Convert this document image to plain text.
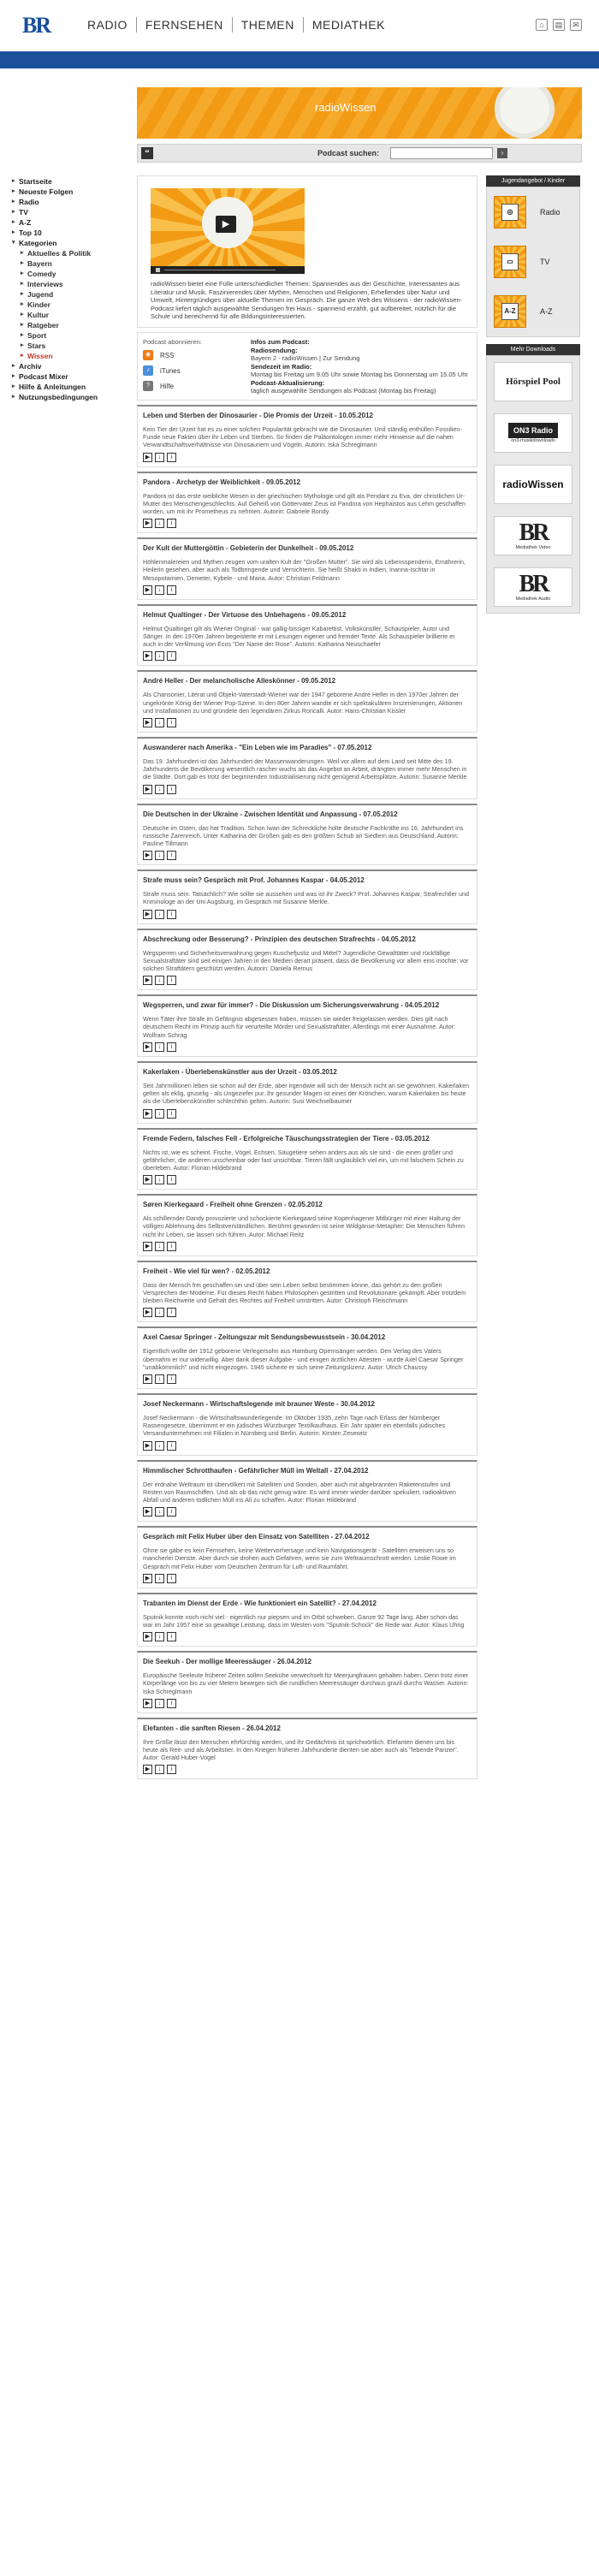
BR	RADIO	FERNSEHEN	THEMEN	MEDIATHEK	⌂	▤	✉
radioWissen
“	Podcast suchen:	›
▸ Startseite
▸ Neueste Folgen
▸ Radio
▸ TV
▸ A-Z
▸ Top 10
▾ Kategorien
▸ Aktuelles & Politik
▸ Bayern
▸ Comedy
▸ Interviews
▸ Jugend
▸ Kinder
▸ Kultur
▸ Ratgeber
▸ Sport
▸ Stars
▸ Wissen
▸ Archiv
▸ Podcast Mixer
▸ Hilfe & Anleitungen
▸ Nutzungsbedingungen
▶
radioWissen bietet eine Fülle unterschiedlicher Themen: Spannendes aus der Geschichte, Interessantes aus Literatur und Musik, Faszinierendes über Mythen, Menschen und Religionen, Erhellendes über Natur und Umwelt, Hintergründiges über aktuelle Themen im Gespräch. Die ganze Welt des Wissens - der radioWissen-Podcast liefert täglich ausgewählte Sendungen frei Haus - spannend erzählt, gut aufbereitet, nützlich für die Schule und bereichernd für alle Bildungsinteressierten.
Podcast abonnieren:
◉	RSS
♪	iTunes
?	Hilfe
Infos zum Podcast:
Radiosendung:
Bayern 2 - radioWissen | Zur Sendung
Sendezeit im Radio:
Montag bis Freitag um 9.05 Uhr sowie Montag bis Donnerstag um 15.05 Uhr
Podcast-Aktualisierung:
täglich ausgewählte Sendungen als Podcast (Montag bis Freitag)
Leben und Sterben der Dinosaurier - Die Promis der Urzeit - 10.05.2012
Kein Tier der Urzeit hat es zu einer solchen Popularität gebracht wie die Dinosaurier. Und ständig enthüllen Fossilien-Funde neue Fakten über ihr Leben und Sterben. So finden die Paläontologen immer mehr Hinweise auf die nahen Verwandtschaftsverhältnisse von Dinosauriern und Vögeln. Autorin: Iska Schreglmann
▶	↓	i
Pandora - Archetyp der Weiblichkeit - 09.05.2012
Pandora ist das erste weibliche Wesen in der griechischen Mythologie und gilt als Pendant zu Eva, der christlichen Ur-Mutter des Menschengeschlechts. Auf Geheiß von Göttervater Zeus ist Pandora von Hephaistos aus Lehm geschaffen worden, um mit ihr Prometheus zu nehmen. Autorin: Gabriele Bondy
▶	↓	i
Der Kult der Muttergöttin - Gebieterin der Dunkelheit - 09.05.2012
Höhlenmalereien und Mythen zeugen vom uralten Kult der "Großen Mutter". Sie wird als Lebensspenderin, Ernährerin, Heilerin gesehen, aber auch als Todbringende und Vernichterin. Sie heißt Shakti in Indien, Inanna-Ischtar in Mesopotamien, Demeter, Kybele - und Maria. Autor: Christian Feldmann
▶	↓	i
Helmut Qualtinger - Der Virtuose des Unbehagens - 09.05.2012
Helmut Qualtinger gilt als Wiener Original - war gallig-bissiger Kabarettist, Volkskünstler, Schauspieler, Autor und Sänger. In den 1970er Jahren begeisterte er mit Lesungen eigener und fremder Texte. Als Schauspieler brillierte er auch in der Verfilmung von Ecos "Der Name der Rose". Autorin: Katharina Neuschaefer
▶	↓	i
André Heller - Der melancholische Alleskönner - 09.05.2012
Als Chansonier, Literat und Objekt-Vaterstadt-Wiener war der 1947 geborene André Heller in den 1970er Jahren der ungekrönte König der Wiener Pop-Szene. In den 80er Jahren wandte er sich spektakulären Inszenierungen, Aktionen und Installationen zu und gründete den legendären Zirkus Roncalli. Autor: Hans-Christian Kissler
▶	↓	i
Auswanderer nach Amerika - "Ein Leben wie im Paradies" - 07.05.2012
Das 19. Jahrhundert ist das Jahrhundert der Massenwanderungen. Weil vor allem auf dem Land seit Mitte des 19. Jahrhunderts die Bevölkerung wesentlich rascher wuchs als das Angebot an Arbeit, drängten immer mehr Menschen in die Städte. Dort gab es trotz der beginnenden Industrialisierung nicht genügend Arbeitsplätze. Autorin: Susanne Merkle
▶	↓	i
Die Deutschen in der Ukraine - Zwischen Identität und Anpassung - 07.05.2012
Deutsche im Osten, das hat Tradition. Schon Iwan der Schreckliche holte deutsche Fachkräfte ins 16. Jahrhundert ins russische Zarenreich. Unter Katharina der Großen gab es den größten Schub an Siedlern aus Deutschland. Autorin: Pauline Tillmann
▶	↓	i
Strafe muss sein? Gespräch mit Prof. Johannes Kaspar - 04.05.2012
Strafe muss sein. Tatsächlich? Wie sollte sie aussehen und was ist ihr Zweck? Prof. Johannes Kaspar, Strafrechtler und Kriminologe an der Uni Augsburg, im Gespräch mit Susanne Merkle.
▶	↓	i
Abschreckung oder Besserung? - Prinzipien des deutschen Strafrechts - 04.05.2012
Wegsperren und Sicherheitsverwahrung gegen Kuschefjustiz und Mittel? Jugendliche Gewalttäter und rückfällige Sexualstraftäter sind seit einigen Jahren in den Medien derart präsent, dass die Bevölkerung vor allem eins möchte: vor solchen Straftätern geschützt werden. Autorin: Daniela Remus
▶	↓	i
Wegsperren, und zwar für immer? - Die Diskussion um Sicherungsverwahrung - 04.05.2012
Wenn Täter ihre Strafe im Gefängnis abgesessen haben, müssen sie wieder freigelassen werden. Dies gilt nach deutschem Recht im Prinzip auch für verurteilte Mörder und Sexualstraftäter. Allerdings mit einer Ausnahme. Autor: Wolfram Schrag
▶	↓	i
Kakerlaken - Überlebenskünstler aus der Urzeit - 03.05.2012
Seit Jahrmillionen leben sie schon auf der Erde, aber irgendwie will sich der Mensch nicht an sie gewöhnen: Kakerlaken gelten als eklig, gruselig - als Ungeziefer pur. Ihr gesunder Magen ist eines der Krönchen, warum Kakerlaken bis heute als die Überlebenskünstler schlechthin gelten. Autorin: Susi Weichselbaumer
▶	↓	i
Fremde Federn, falsches Fell - Erfolgreiche Täuschungsstrategien der Tiere - 03.05.2012
Nichts ist, wie es scheint. Fische, Vögel, Echsen, Säugetiere sehen anders aus als sie sind - die einen größer und gefährlicher, die anderen unscheinbar oder fast unsichtbar. Tieren fällt unglaublich viel ein, um mit falschem Schein zu überleben. Autor: Florian Hildebrand
▶	↓	i
Søren Kierkegaard - Freiheit ohne Grenzen - 02.05.2012
Als schillernder Dandy provozierte und schockierte Kierkegaard seine Kopenhagener Mitbürger mit einer Haltung der völligen Ablehnung des Selbstverständlichen. Berühmt geworden ist seine Wildgänse-Metapher: Die Menschen führen nicht ihr Leben, sie lassen sich führen. Autor: Michael Reitz
▶	↓	i
Freiheit - Wie viel für wen? - 02.05.2012
Dass der Mensch frei geschaffen sei und über sein Leben selbst bestimmen könne, das gehört zu den großen Versprechen der Moderne. Für dieses Recht haben Philosophen gestritten und Revolutionäre gekämpft. Aber trotzdem bleiben Reichweite und Gehalt des Rechtes auf Freiheit umstritten. Autor: Christoph Fleischmann
▶	↓	i
Axel Caesar Springer - Zeitungszar mit Sendungsbewusstsein - 30.04.2012
Eigentlich wollte der 1912 geborene Verlegersohn aus Hamburg Opernsänger werden. Den Verlag des Vaters übernahm er nur widerwillig. Aber dank dieser Aufgabe - und einigen ärztlichen Attesten - wurde Axel Caesar Springer "unabkömmlich" und nicht eingezogen. 1945 sicherte er sich seine Zeitungslizenz. Autor: Ulrich Chaussy
▶	↓	i
Josef Neckermann - Wirtschaftslegende mit brauner Weste - 30.04.2012
Josef Neckermann - die Wirtschaftswunderlegende: Im Oktober 1935, zehn Tage nach Erlass der Nürnberger Rassengesetze, übernimmt er ein jüdisches Würzburger Textilkaufhaus. Ein Jahr später ein ebenfalls jüdisches Versandunternehmen mit Filialen in Nürnberg und Berlin. Autorin: Kirsten Zesewitz
▶	↓	i
Himmlischer Schrotthaufen - Gefährlicher Müll im Weltall - 27.04.2012
Der erdnahe Weltraum ist übervölkert mit Satelliten und Sonden, aber auch mit abgebrannten Raketenstufen und Resten von Raumschiffen. Und als ob das nicht genug wäre: Es wird immer wieder darüber spekuliert, radioaktiven Abfall und anderen tödlichen Müll ins All zu schaffen. Autor: Florian Hildebrand
▶	↓	i
Gespräch mit Felix Huber über den Einsatz von Satelliten - 27.04.2012
Ohne sie gäbe es kein Fernsehen, keine Wettervorhersage und kein Navigationsgerät - Satelliten erweisen uns so mancherlei Dienste. Aber durch sie drohen auch Gefahren, wenn sie zum Weltraumschrott werden. Leslie Rowe im Gespräch mit Felix Huber vom Deutschen Zentrum für Luft- und Raumfahrt.
▶	↓	i
Trabanten im Dienst der Erde - Wie funktioniert ein Satellit? - 27.04.2012
Sputnik konnte noch nicht viel - eigentlich nur piepsen und im Orbit schweben. Ganze 92 Tage lang. Aber schon das war im Jahr 1957 eine so gewaltige Leistung, dass im Westen vom "Sputnik-Schock" die Rede war. Autor: Klaus Uhrig
▶	↓	i
Die Seekuh - Der mollige Meeressäuger - 26.04.2012
Europäische Seeleute früherer Zeiten sollen Seekühe verwechselt für Meerjungfrauen gehalten haben. Denn trotz einer Körperlänge von bis zu vier Metern bewegen sich die rundlichen Meeressäuger durchaus grazil durchs Wasser. Autorin: Iska Schreglmann
▶	↓	i
Elefanten - die sanften Riesen - 26.04.2012
Ihre Größe lässt den Menschen ehrfürchtig werden, und ihr Gedächtnis ist sprichwörtlich. Elefanten dienen uns bis heute als Reit- und als Arbeitstier. In den Kriegen früherer Jahrhunderte dienten sie aber auch als "lebende Panzer". Autor: Gerald Huber-Vogel
▶	↓	i
Jugendangebot / Kinder
◎	Radio
▭	TV
A-Z	A-Z
Mehr Downloads
Hörspiel Pool
ON3 Radio
on3-musikdownloads
radioWissen
BR
Mediathek Video
BR
Mediathek Audio
